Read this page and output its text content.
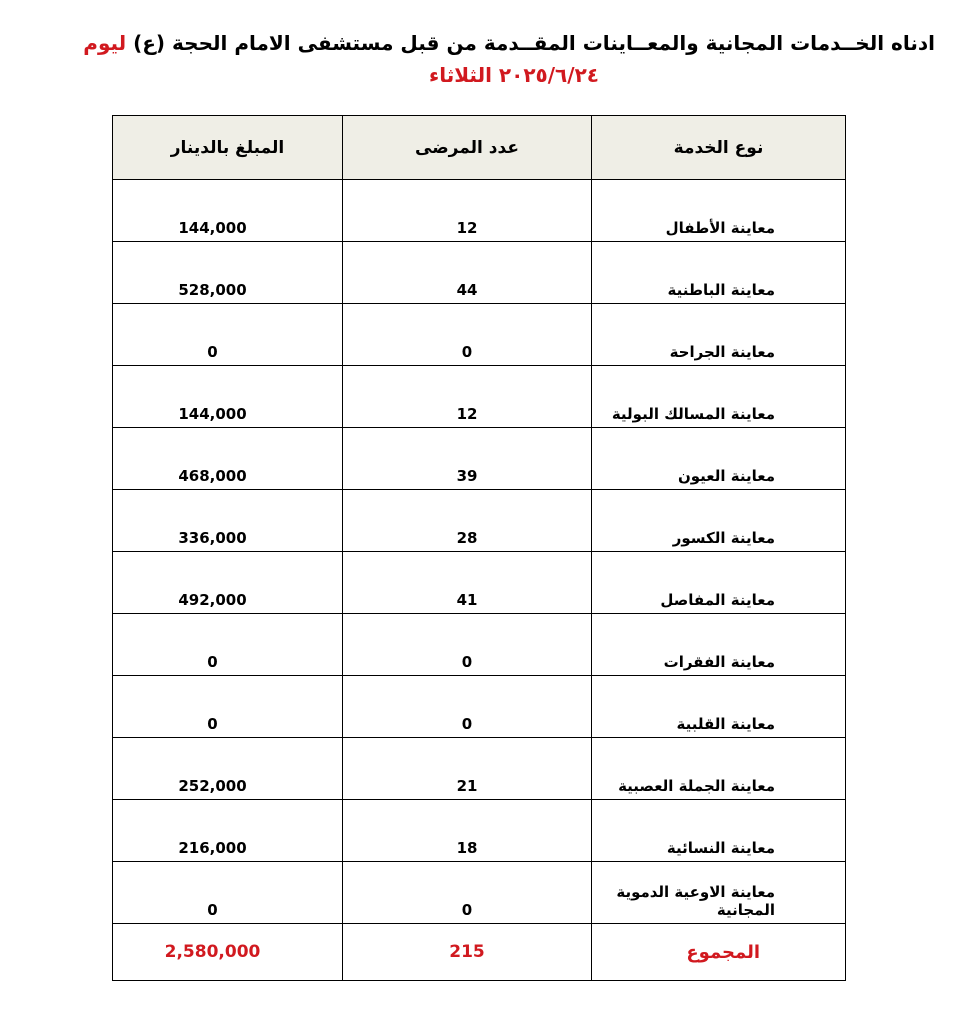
ادناه الخــدمات المجانية والمعــاينات المقــدمة من قبل مستشفى الامام الحجة (ع) ليوم
٢٠٢٥/٦/٢٤ الثلاثاء
نوع الخدمة	عدد المرضى	المبلغ بالدينار
معاينة الأطفال	12	144,000
معاينة الباطنية	44	528,000
معاينة الجراحة	0	0
معاينة المسالك البولية	12	144,000
معاينة العيون	39	468,000
معاينة الكسور	28	336,000
معاينة المفاصل	41	492,000
معاينة الفقرات	0	0
معاينة القلبية	0	0
معاينة الجملة العصبية	21	252,000
معاينة النسائية	18	216,000
معاينة الاوعية الدموية المجانية	0	0
المجموع	215	2,580,000
